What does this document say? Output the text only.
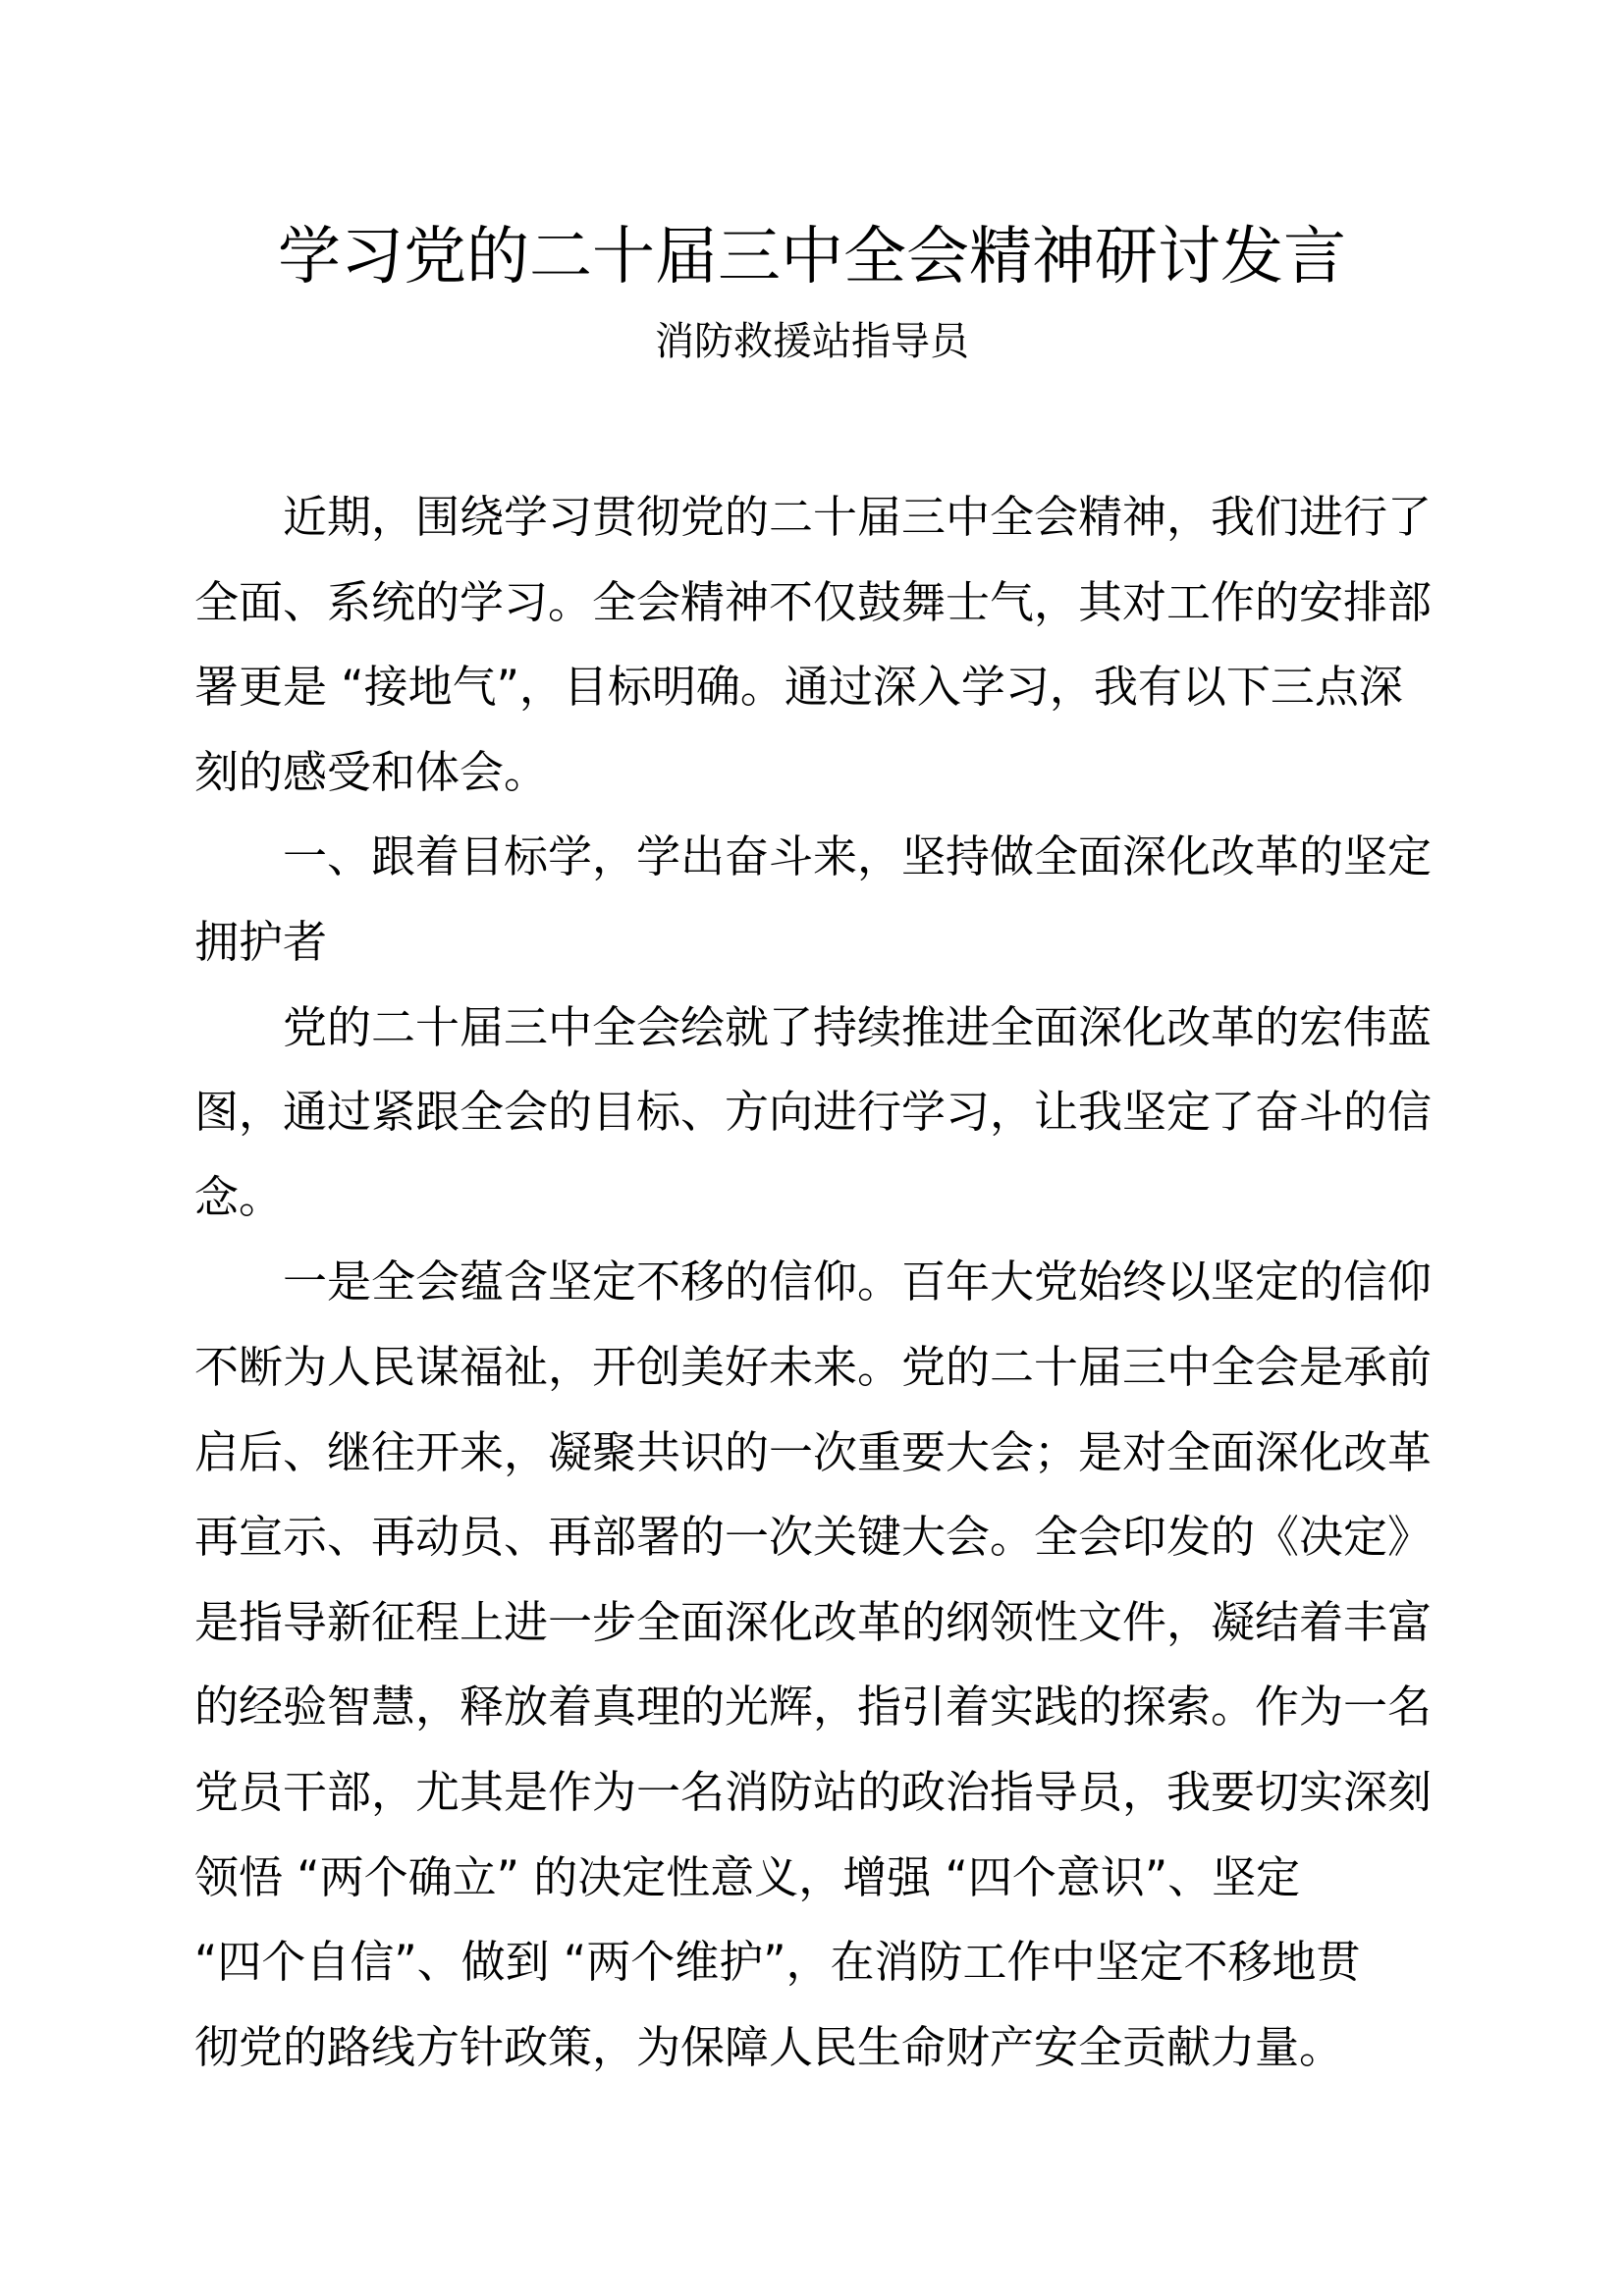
学习党的二十届三中全会精神研讨发言
消防救援站指导员
近期，围绕学习贯彻党的二十届三中全会精神，我们进行了
全面、系统的学习。全会精神不仅鼓舞士气，其对工作的安排部
署更是 “接地气”，目标明确。通过深入学习，我有以下三点深
刻的感受和体会。
一、跟着目标学，学出奋斗来，坚持做全面深化改革的坚定
拥护者
党的二十届三中全会绘就了持续推进全面深化改革的宏伟蓝
图，通过紧跟全会的目标、方向进行学习，让我坚定了奋斗的信
念。
一是全会蕴含坚定不移的信仰。百年大党始终以坚定的信仰
不断为人民谋福祉，开创美好未来。党的二十届三中全会是承前
启后、继往开来，凝聚共识的一次重要大会；是对全面深化改革
再宣示、再动员、再部署的一次关键大会。全会印发的《决定》
是指导新征程上进一步全面深化改革的纲领性文件，凝结着丰富
的经验智慧，释放着真理的光辉，指引着实践的探索。作为一名
党员干部，尤其是作为一名消防站的政治指导员，我要切实深刻
领悟 “两个确立” 的决定性意义，增强 “四个意识”、坚定
“四个自信”、做到 “两个维护”，在消防工作中坚定不移地贯
彻党的路线方针政策，为保障人民生命财产安全贡献力量。
